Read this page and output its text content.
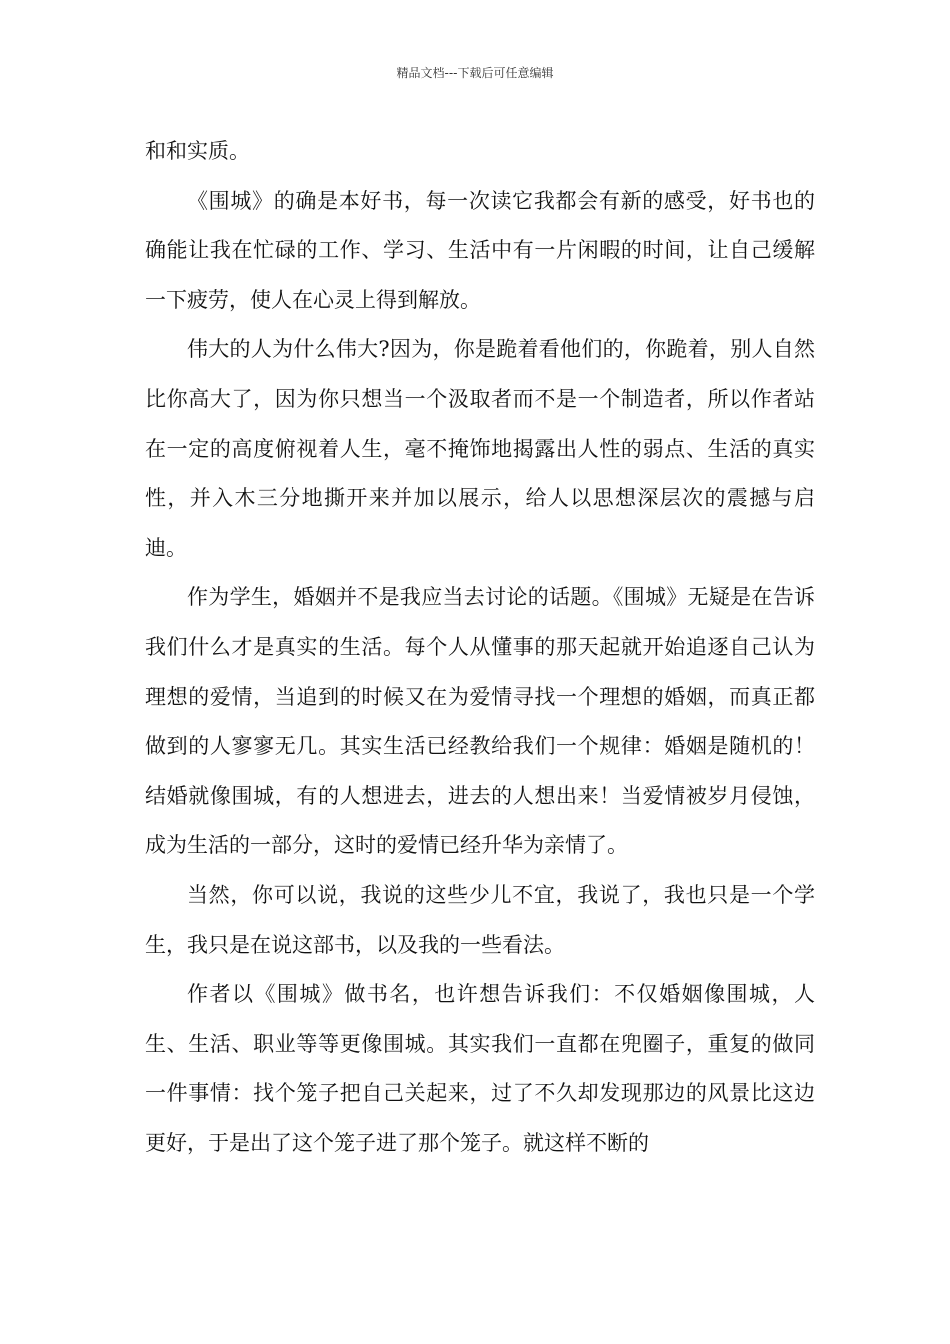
精品文档---下载后可任意编辑

和和实质。

《围城》的确是本好书，每一次读它我都会有新的感受，好书也的确能让我在忙碌的工作、学习、生活中有一片闲暇的时间，让自己缓解一下疲劳，使人在心灵上得到解放。

伟大的人为什么伟大?因为，你是跪着看他们的，你跪着，别人自然比你高大了，因为你只想当一个汲取者而不是一个制造者，所以作者站在一定的高度俯视着人生，毫不掩饰地揭露出人性的弱点、生活的真实性，并入木三分地撕开来并加以展示，给人以思想深层次的震撼与启迪。

作为学生，婚姻并不是我应当去讨论的话题。《围城》无疑是在告诉我们什么才是真实的生活。每个人从懂事的那天起就开始追逐自己认为理想的爱情，当追到的时候又在为爱情寻找一个理想的婚姻，而真正都做到的人寥寥无几。其实生活已经教给我们一个规律：婚姻是随机的！结婚就像围城，有的人想进去，进去的人想出来！当爱情被岁月侵蚀，成为生活的一部分，这时的爱情已经升华为亲情了。

当然，你可以说，我说的这些少儿不宜，我说了，我也只是一个学生，我只是在说这部书，以及我的一些看法。

作者以《围城》做书名，也许想告诉我们：不仅婚姻像围城，人生、生活、职业等等更像围城。其实我们一直都在兜圈子，重复的做同一件事情：找个笼子把自己关起来，过了不久却发现那边的风景比这边更好，于是出了这个笼子进了那个笼子。就这样不断的
